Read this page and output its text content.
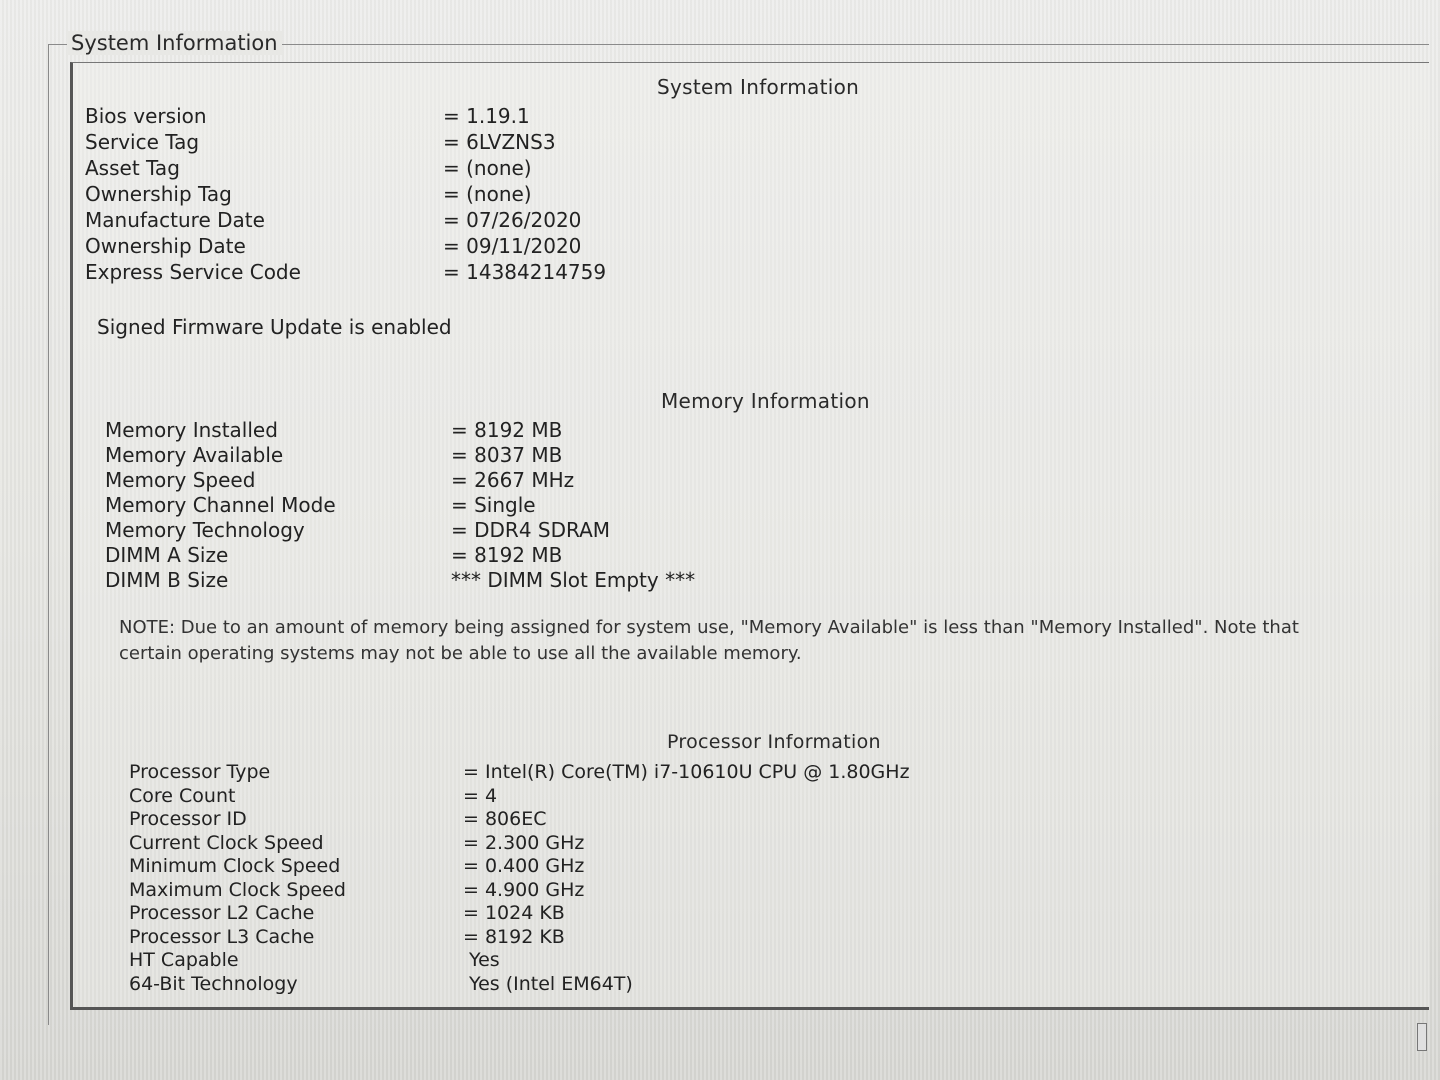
System Information
System Information
Bios version	= 1.19.1
Service Tag	= 6LVZNS3
Asset Tag	= (none)
Ownership Tag	= (none)
Manufacture Date	= 07/26/2020
Ownership Date	= 09/11/2020
Express Service Code	= 14384214759
Signed Firmware Update is enabled
Memory Information
Memory Installed	= 8192 MB
Memory Available	= 8037 MB
Memory Speed	= 2667 MHz
Memory Channel Mode	= Single
Memory Technology	= DDR4 SDRAM
DIMM A Size	= 8192 MB
DIMM B Size	*** DIMM Slot Empty ***
NOTE: Due to an amount of memory being assigned for system use, "Memory Available" is less than "Memory Installed". Note that certain operating systems may not be able to use all the available memory.
Processor Information
Processor Type	= Intel(R) Core(TM) i7-10610U CPU @ 1.80GHz
Core Count	= 4
Processor ID	= 806EC
Current Clock Speed	= 2.300 GHz
Minimum Clock Speed	= 0.400 GHz
Maximum Clock Speed	= 4.900 GHz
Processor L2 Cache	= 1024 KB
Processor L3 Cache	= 8192 KB
HT Capable	Yes
64-Bit Technology	Yes (Intel EM64T)
